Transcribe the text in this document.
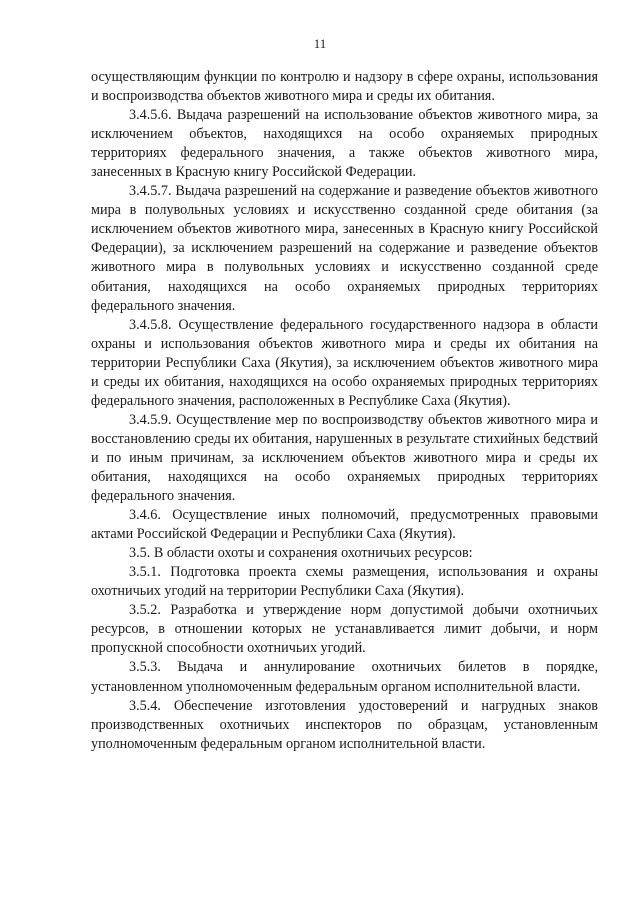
11

осуществляющим функции по контролю и надзору в сфере охраны, использования и воспроизводства объектов животного мира и среды их обитания.

3.4.5.6. Выдача разрешений на использование объектов животного мира, за исключением объектов, находящихся на особо охраняемых природных территориях федерального значения, а также объектов животного мира, занесенных в Красную книгу Российской Федерации.

3.4.5.7. Выдача разрешений на содержание и разведение объектов животного мира в полувольных условиях и искусственно созданной среде обитания (за исключением объектов животного мира, занесенных в Красную книгу Российской Федерации), за исключением разрешений на содержание и разведение объектов животного мира в полувольных условиях и искусственно созданной среде обитания, находящихся на особо охраняемых природных территориях федерального значения.

3.4.5.8. Осуществление федерального государственного надзора в области охраны и использования объектов животного мира и среды их обитания на территории Республики Саха (Якутия), за исключением объектов животного мира и среды их обитания, находящихся на особо охраняемых природных территориях федерального значения, расположенных в Республике Саха (Якутия).

3.4.5.9. Осуществление мер по воспроизводству объектов животного мира и восстановлению среды их обитания, нарушенных в результате стихийных бедствий и по иным причинам, за исключением объектов животного мира и среды их обитания, находящихся на особо охраняемых природных территориях федерального значения.

3.4.6. Осуществление иных полномочий, предусмотренных правовыми актами Российской Федерации и Республики Саха (Якутия).

3.5. В области охоты и сохранения охотничьих ресурсов:

3.5.1. Подготовка проекта схемы размещения, использования и охраны охотничьих угодий на территории Республики Саха (Якутия).

3.5.2. Разработка и утверждение норм допустимой добычи охотничьих ресурсов, в отношении которых не устанавливается лимит добычи, и норм пропускной способности охотничьих угодий.

3.5.3. Выдача и аннулирование охотничьих билетов в порядке, установленном уполномоченным федеральным органом исполнительной власти.

3.5.4. Обеспечение изготовления удостоверений и нагрудных знаков производственных охотничьих инспекторов по образцам, установленным уполномоченным федеральным органом исполнительной власти.
